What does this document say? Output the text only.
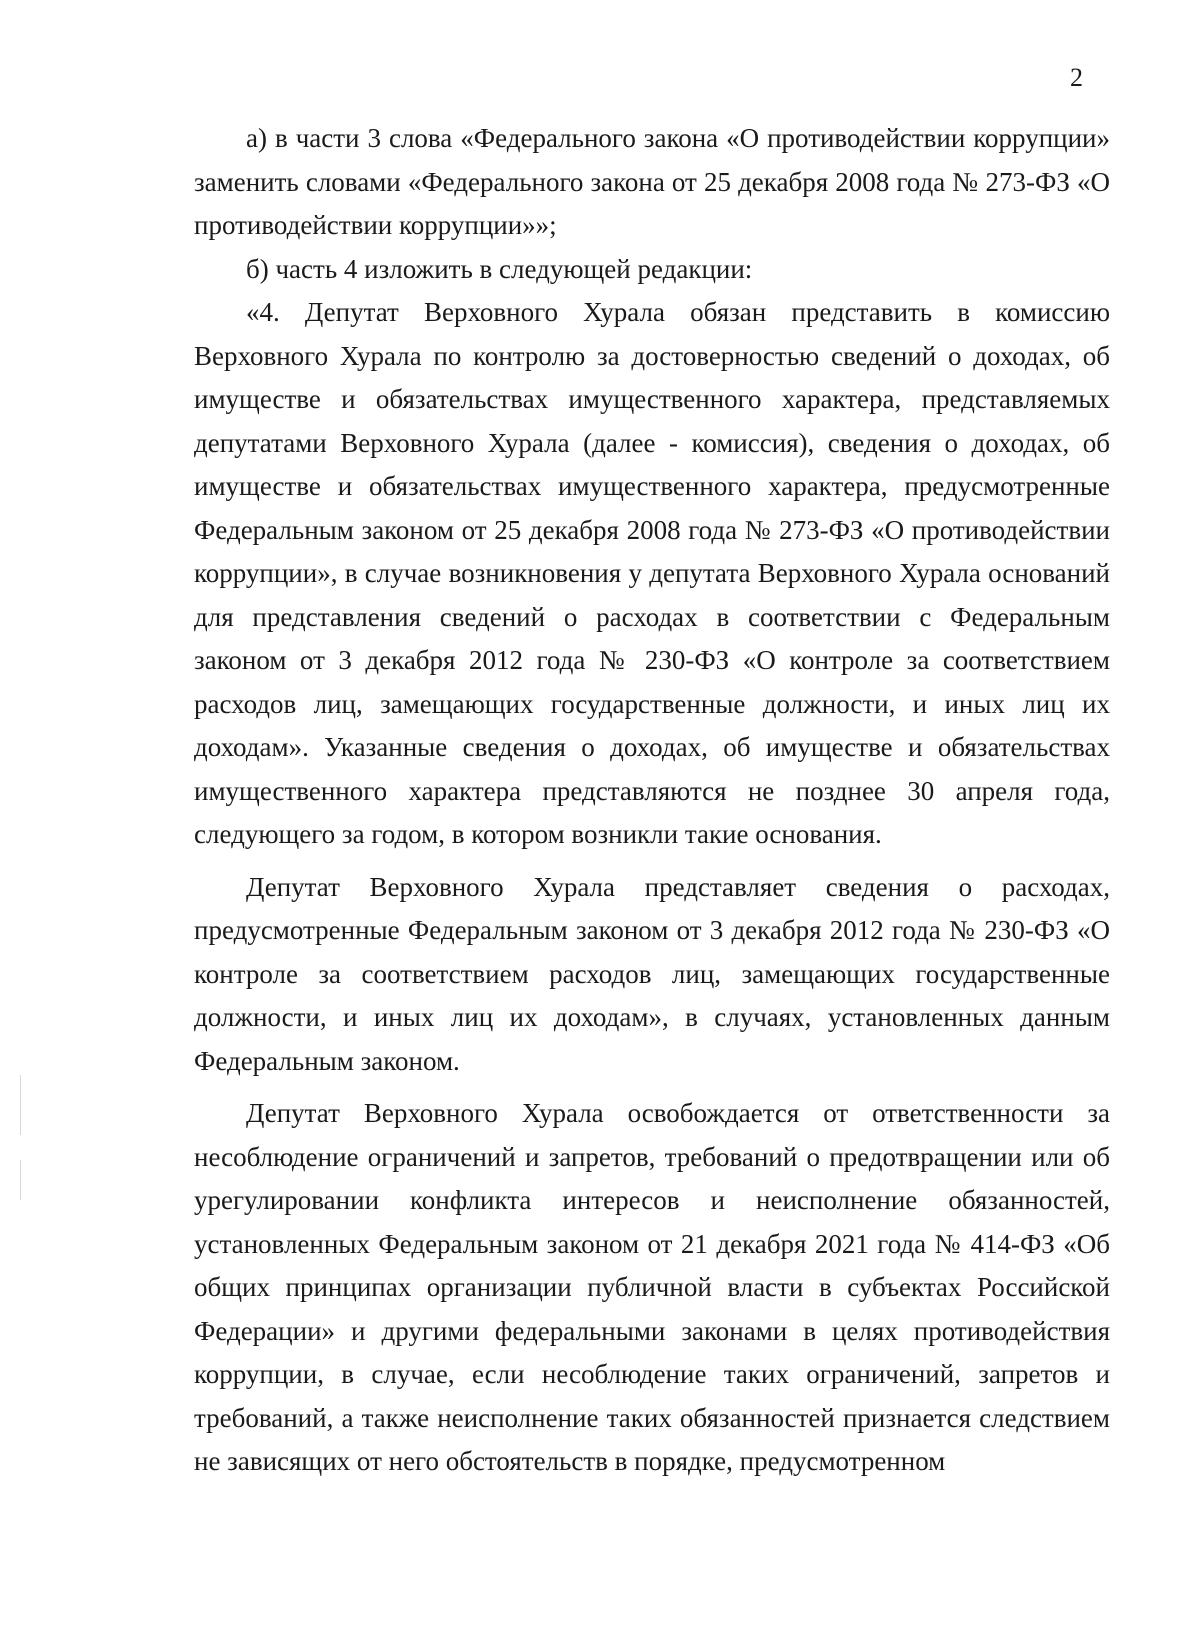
2

а) в части 3 слова «Федерального закона «О противодействии коррупции» заменить словами «Федерального закона от 25 декабря 2008 года № 273-ФЗ «О противодействии коррупции»»;

б) часть 4 изложить в следующей редакции:

«4. Депутат Верховного Хурала обязан представить в комиссию Верховного Хурала по контролю за достоверностью сведений о доходах, об имуществе и обязательствах имущественного характера, представляемых депутатами Верховного Хурала (далее - комиссия), сведения о доходах, об имуществе и обязательствах имущественного характера, предусмотренные Федеральным законом от 25 декабря 2008 года № 273-ФЗ «О противодействии коррупции», в случае возникновения у депутата Верховного Хурала оснований для представления сведений о расходах в соответствии с Федеральным законом от 3 декабря 2012 года № 230-ФЗ «О контроле за соответствием расходов лиц, замещающих государственные должности, и иных лиц их доходам». Указанные сведения о доходах, об имуществе и обязательствах имущественного характера представляются не позднее 30 апреля года, следующего за годом, в котором возникли такие основания.

Депутат Верховного Хурала представляет сведения о расходах, предусмотренные Федеральным законом от 3 декабря 2012 года № 230-ФЗ «О контроле за соответствием расходов лиц, замещающих государственные должности, и иных лиц их доходам», в случаях, установленных данным Федеральным законом.

Депутат Верховного Хурала освобождается от ответственности за несоблюдение ограничений и запретов, требований о предотвращении или об урегулировании конфликта интересов и неисполнение обязанностей, установленных Федеральным законом от 21 декабря 2021 года № 414-ФЗ «Об общих принципах организации публичной власти в субъектах Российской Федерации» и другими федеральными законами в целях противодействия коррупции, в случае, если несоблюдение таких ограничений, запретов и требований, а также неисполнение таких обязанностей признается следствием не зависящих от него обстоятельств в порядке, предусмотренном
